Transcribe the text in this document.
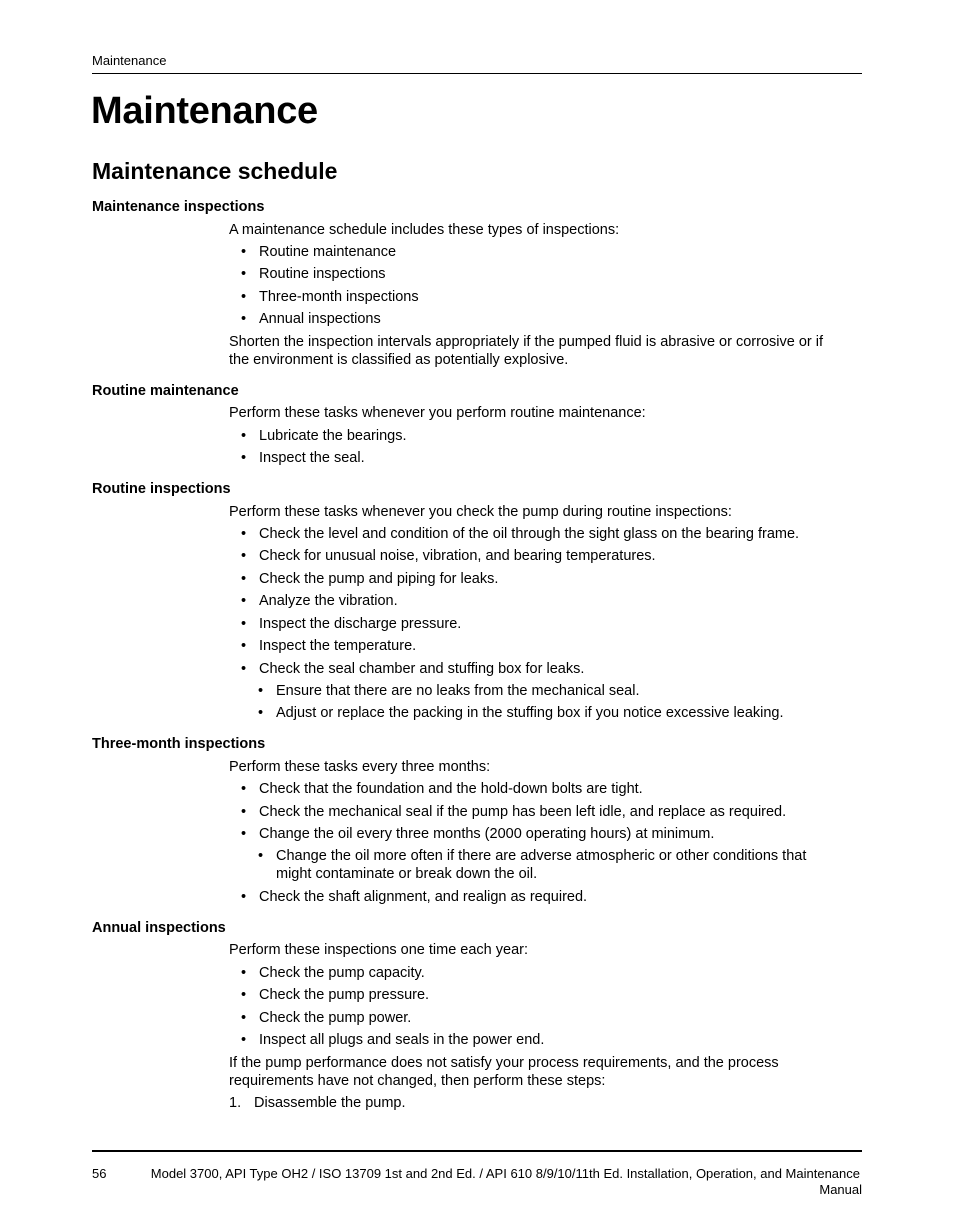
Maintenance
Maintenance
Maintenance schedule
Maintenance inspections
A maintenance schedule includes these types of inspections:
• Routine maintenance
• Routine inspections
• Three-month inspections
• Annual inspections
Shorten the inspection intervals appropriately if the pumped fluid is abrasive or corrosive or if
the environment is classified as potentially explosive.
Routine maintenance
Perform these tasks whenever you perform routine maintenance:
• Lubricate the bearings.
• Inspect the seal.
Routine inspections
Perform these tasks whenever you check the pump during routine inspections:
• Check the level and condition of the oil through the sight glass on the bearing frame.
• Check for unusual noise, vibration, and bearing temperatures.
• Check the pump and piping for leaks.
• Analyze the vibration.
• Inspect the discharge pressure.
• Inspect the temperature.
• Check the seal chamber and stuffing box for leaks.
• Ensure that there are no leaks from the mechanical seal.
• Adjust or replace the packing in the stuffing box if you notice excessive leaking.
Three-month inspections
Perform these tasks every three months:
• Check that the foundation and the hold-down bolts are tight.
• Check the mechanical seal if the pump has been left idle, and replace as required.
• Change the oil every three months (2000 operating hours) at minimum.
• Change the oil more often if there are adverse atmospheric or other conditions that
might contaminate or break down the oil.
• Check the shaft alignment, and realign as required.
Annual inspections
Perform these inspections one time each year:
• Check the pump capacity.
• Check the pump pressure.
• Check the pump power.
• Inspect all plugs and seals in the power end.
If the pump performance does not satisfy your process requirements, and the process
requirements have not changed, then perform these steps:
1. Disassemble the pump.
56	Model 3700, API Type OH2 / ISO 13709 1st and 2nd Ed. / API 610 8/9/10/11th Ed. Installation, Operation, and Maintenance
Manual
